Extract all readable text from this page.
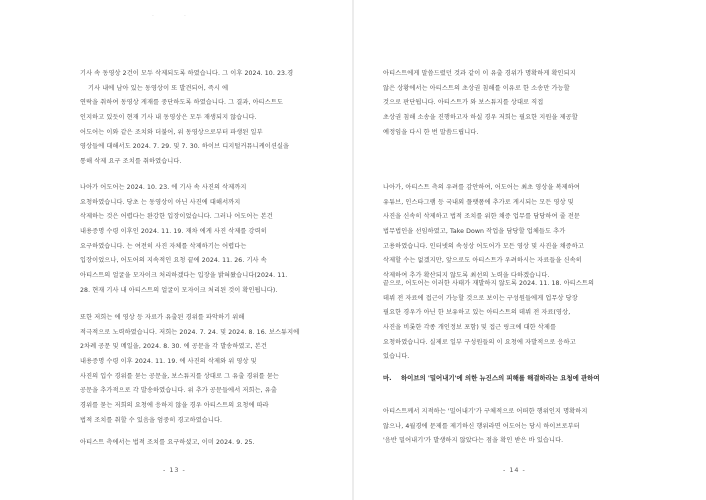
·	·
기사 속 동영상 2건이 모두 삭제되도록 하였습니다. 그 이후 2024. 10. 23.경
기사 내에 남아 있는 동영상이 또 발견되어, 즉시 에
연락을 취하여 동영상 게재를 중단하도록 하였습니다. 그 결과, 아티스트도
인지하고 있듯이 현재 기사 내 동영상은 모두 재생되지 않습니다.
어도어는 이와 같은 조치와 더불어, 위 동영상으로부터 파생된 일부
영상들에 대해서도 2024. 7. 29. 및 7. 30. 하이브 디지털커뮤니케이션실을
통해 삭제 요구 조치를 취하였습니다.
나아가 어도어는 2024. 10. 23. 에 기사 속 사진의 삭제까지
요청하였습니다. 당초 는 동영상이 아닌 사진에 대해서까지
삭제하는 것은 어렵다는 완강한 입장이었습니다. 그러나 어도어는 본건
내용증명 수령 이후인 2024. 11. 19. 재차 에게 사진 삭제를 강력히
요구하였습니다. 는 여전히 사진 자체를 삭제하기는 어렵다는
입장이었으나, 어도어의 지속적인 요청 끝에 2024. 11. 26. 기사 속
아티스트의 얼굴을 모자이크 처리하겠다는 입장을 밝혀왔습니다(2024. 11.
28. 현재 기사 내 아티스트의 얼굴이 모자이크 처리된 것이 확인됩니다).
또한 저희는 에 영상 등 자료가 유출된 경위를 파악하기 위해
적극적으로 노력하였습니다. 저희는 2024. 7. 24. 및 2024. 8. 16. 보스튜지에
2차례 공문 및 메일을, 2024. 8. 30. 에 공문을 각 발송하였고, 본건
내용증명 수령 이후 2024. 11. 19. 에 사진의 삭제와 위 영상 및
사진의 입수 경위를 묻는 공문을, 보스튜지를 상대로 그 유출 경위를 묻는
공문을 추가적으로 각 발송하였습니다. 위 추가 공문들에서 저희는, 유출
경위를 묻는 저희의 요청에 응하지 않을 경우 아티스트의 요청에 따라
법적 조치를 취할 수 있음을 엄중히 경고하였습니다.
아티스트 측에서는 법적 조치를 요구하셨고, 이미 2024. 9. 25.
- 13 -
아티스트에게 말씀드렸던 것과 같이 이 유출 경위가 명확하게 확인되지
않은 상황에서는 아티스트의 초상권 침해를 이유로 한 소송만 가능할
것으로 판단됩니다. 아티스트가 와 보스튜지를 상대로 직접
초상권 침해 소송을 진행하고자 하실 경우 저희는 필요한 지원을 제공할
예정임을 다시 한 번 말씀드립니다.
나아가, 아티스트 측의 우려를 감안하여, 어도어는 최초 영상을 복제하여
유튜브, 인스타그램 등 국내외 플랫폼에 추가로 게시되는 모든 영상 및
사진을 신속히 삭제하고 법적 조치를 위한 채증 업무를 담당하여 줄 전문
법무법인을 선임하였고, Take Down 작업을 담당할 업체들도 추가
고용하였습니다. 인터넷의 속성상 어도어가 모든 영상 및 사진을 채증하고
삭제할 수는 없겠지만, 앞으로도 아티스트가 우려하시는 자료들을 신속히
삭제하여 추가 확산되지 않도록 최선의 노력을 다하겠습니다.
끝으로, 어도어는 이러한 사태가 재발하지 않도록 2024. 11. 18. 아티스트의
데뷔 전 자료에 접근이 가능할 것으로 보이는 구성원들에게 업무상 당장
필요한 경우가 아닌 한 보유하고 있는 아티스트의 데뷔 전 자료(영상,
사진을 비롯한 각종 개인정보 포함) 및 접근 링크에 대한 삭제를
요청하였습니다. 실제로 일부 구성원들의 이 요청에 자발적으로 응하고
있습니다.
아티스트께서 지적하는 '밀어내기'가 구체적으로 어떠한 행위인지 명확하지
않으나, 4월경에 문제를 제기하신 행위라면 어도어는 당시 하이브로부터
'음반 밀어내기'가 발생하지 않았다는 점을 확인 받은 바 있습니다.
- 14 -
마. 하이브의 '밀어내기'에 의한 뉴진스의 피해를 해결하라는 요청에 관하여
